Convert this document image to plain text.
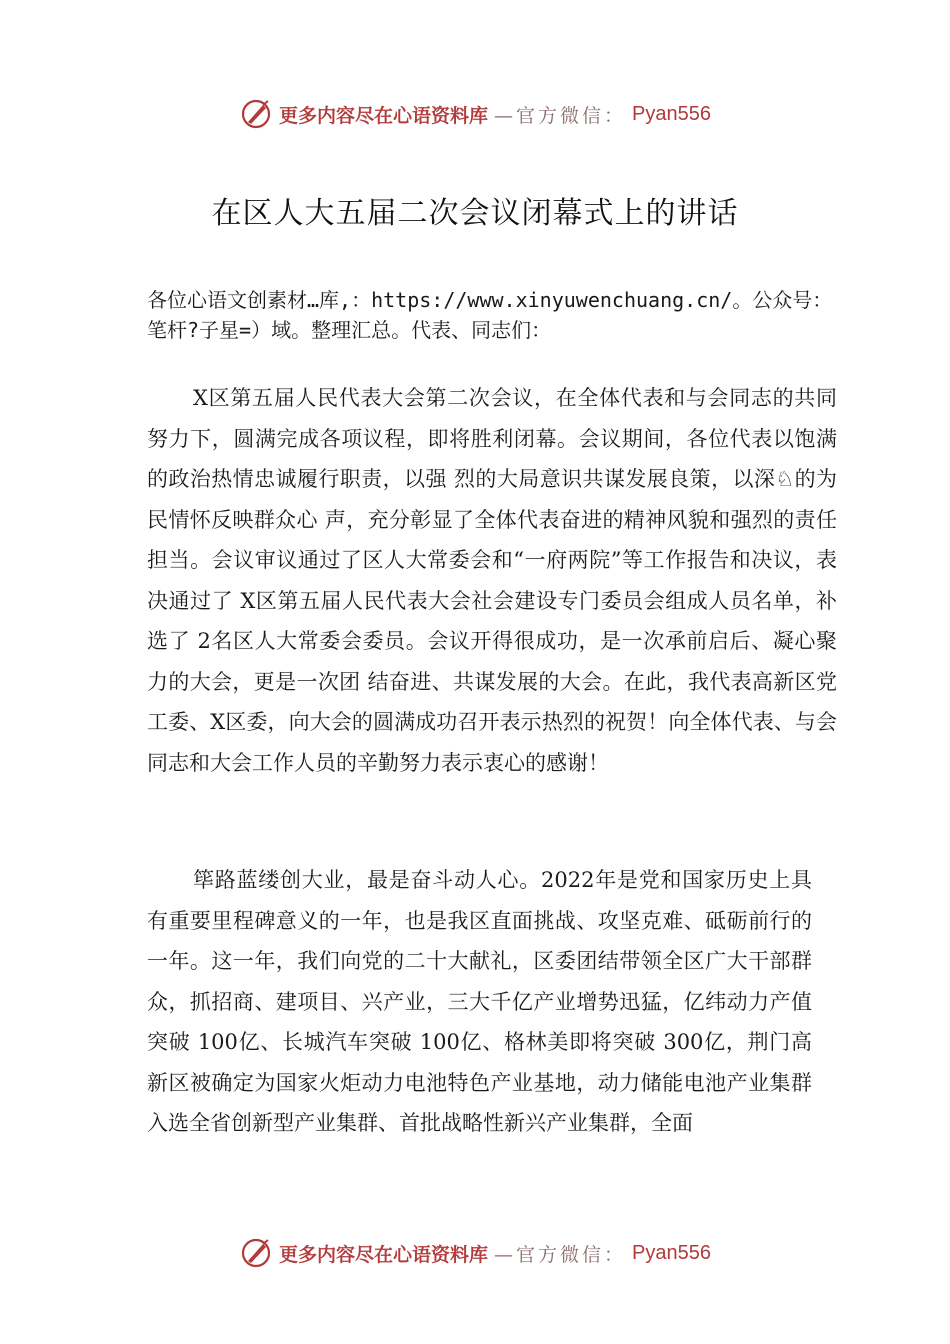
更多内容尽在心语资料库 —官方微信： Pyan556
在区人大五届二次会议闭幕式上的讲话
各位心语文创素材…库,：https://www.xinyuwenchuang.cn/。公众号：笔杆?子星=）域。整理汇总。代表、同志们：
X区第五届人民代表大会第二次会议，在全体代表和与会同志的共同努力下，圆满完成各项议程，即将胜利闭幕。会议期间，各位代表以饱满的政治热情忠诚履行职责，以强 烈的大局意识共谋发展良策，以深♘的为民情怀反映群众心 声，充分彰显了全体代表奋进的精神风貌和强烈的责任担当。会议审议通过了区人大常委会和“一府两院”等工作报告和决议，表决通过了 X区第五届人民代表大会社会建设专门委员会组成人员名单，补选了 2名区人大常委会委员。会议开得很成功，是一次承前启后、凝心聚力的大会，更是一次团 结奋进、共谋发展的大会。在此，我代表高新区党工委、X区委，向大会的圆满成功召开表示热烈的祝贺！向全体代表、与会同志和大会工作人员的辛勤努力表示衷心的感谢！
筚路蓝缕创大业，最是奋斗动人心。2022年是党和国家历史上具有重要里程碑意义的一年，也是我区直面挑战、攻坚克难、砥砺前行的一年。这一年，我们向党的二十大献礼，区委团结带领全区广大干部群众，抓招商、建项目、兴产业，三大千亿产业增势迅猛，亿纬动力产值突破 100亿、长城汽车突破 100亿、格林美即将突破 300亿，荆门高新区被确定为国家火炬动力电池特色产业基地，动力储能电池产业集群入选全省创新型产业集群、首批战略性新兴产业集群，全面
更多内容尽在心语资料库 —官方微信： Pyan556
